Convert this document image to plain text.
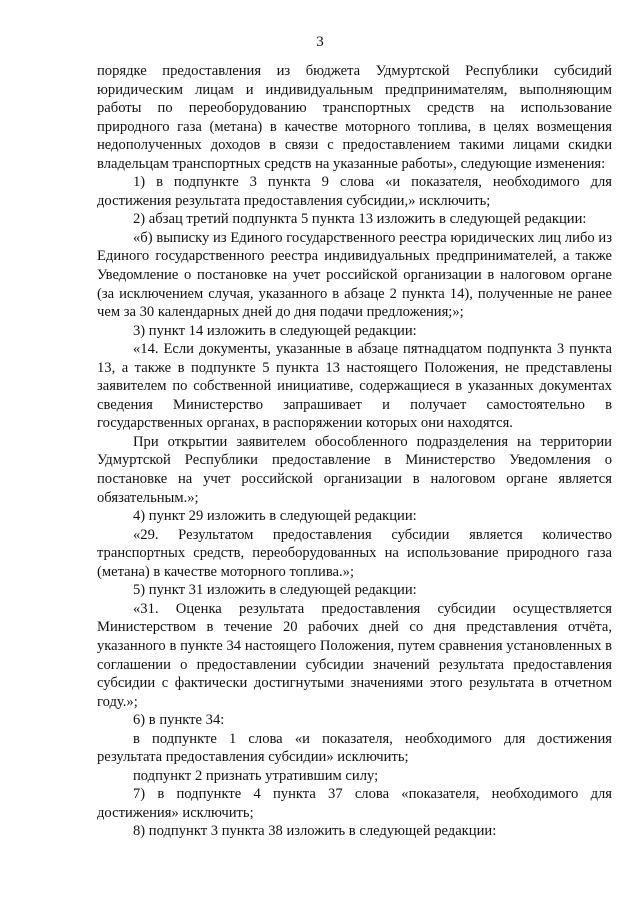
3

порядке предоставления из бюджета Удмуртской Республики субсидий юридическим лицам и индивидуальным предпринимателям, выполняющим работы по переоборудованию транспортных средств на использование природного газа (метана) в качестве моторного топлива, в целях возмещения недополученных доходов в связи с предоставлением такими лицами скидки владельцам транспортных средств на указанные работы», следующие изменения:

1) в подпункте 3 пункта 9 слова «и показателя, необходимого для достижения результата предоставления субсидии,» исключить;

2) абзац третий подпункта 5 пункта 13 изложить в следующей редакции:

«б) выписку из Единого государственного реестра юридических лиц либо из Единого государственного реестра индивидуальных предпринимателей, а также Уведомление о постановке на учет российской организации в налоговом органе (за исключением случая, указанного в абзаце 2 пункта 14), полученные не ранее чем за 30 календарных дней до дня подачи предложения;»;

3) пункт 14 изложить в следующей редакции:

«14. Если документы, указанные в абзаце пятнадцатом подпункта 3 пункта 13, а также в подпункте 5 пункта 13 настоящего Положения, не представлены заявителем по собственной инициативе, содержащиеся в указанных документах сведения Министерство запрашивает и получает самостоятельно в государственных органах, в распоряжении которых они находятся.

При открытии заявителем обособленного подразделения на территории Удмуртской Республики предоставление в Министерство Уведомления о постановке на учет российской организации в налоговом органе является обязательным.»;

4) пункт 29 изложить в следующей редакции:

«29. Результатом предоставления субсидии является количество транспортных средств, переоборудованных на использование природного газа (метана) в качестве моторного топлива.»;

5) пункт 31 изложить в следующей редакции:

«31. Оценка результата предоставления субсидии осуществляется Министерством в течение 20 рабочих дней со дня представления отчёта, указанного в пункте 34 настоящего Положения, путем сравнения установленных в соглашении о предоставлении субсидии значений результата предоставления субсидии с фактически достигнутыми значениями этого результата в отчетном году.»;

6) в пункте 34:

в подпункте 1 слова «и показателя, необходимого для достижения результата предоставления субсидии» исключить;

подпункт 2 признать утратившим силу;

7) в подпункте 4 пункта 37 слова «показателя, необходимого для достижения» исключить;

8) подпункт 3 пункта 38 изложить в следующей редакции:
